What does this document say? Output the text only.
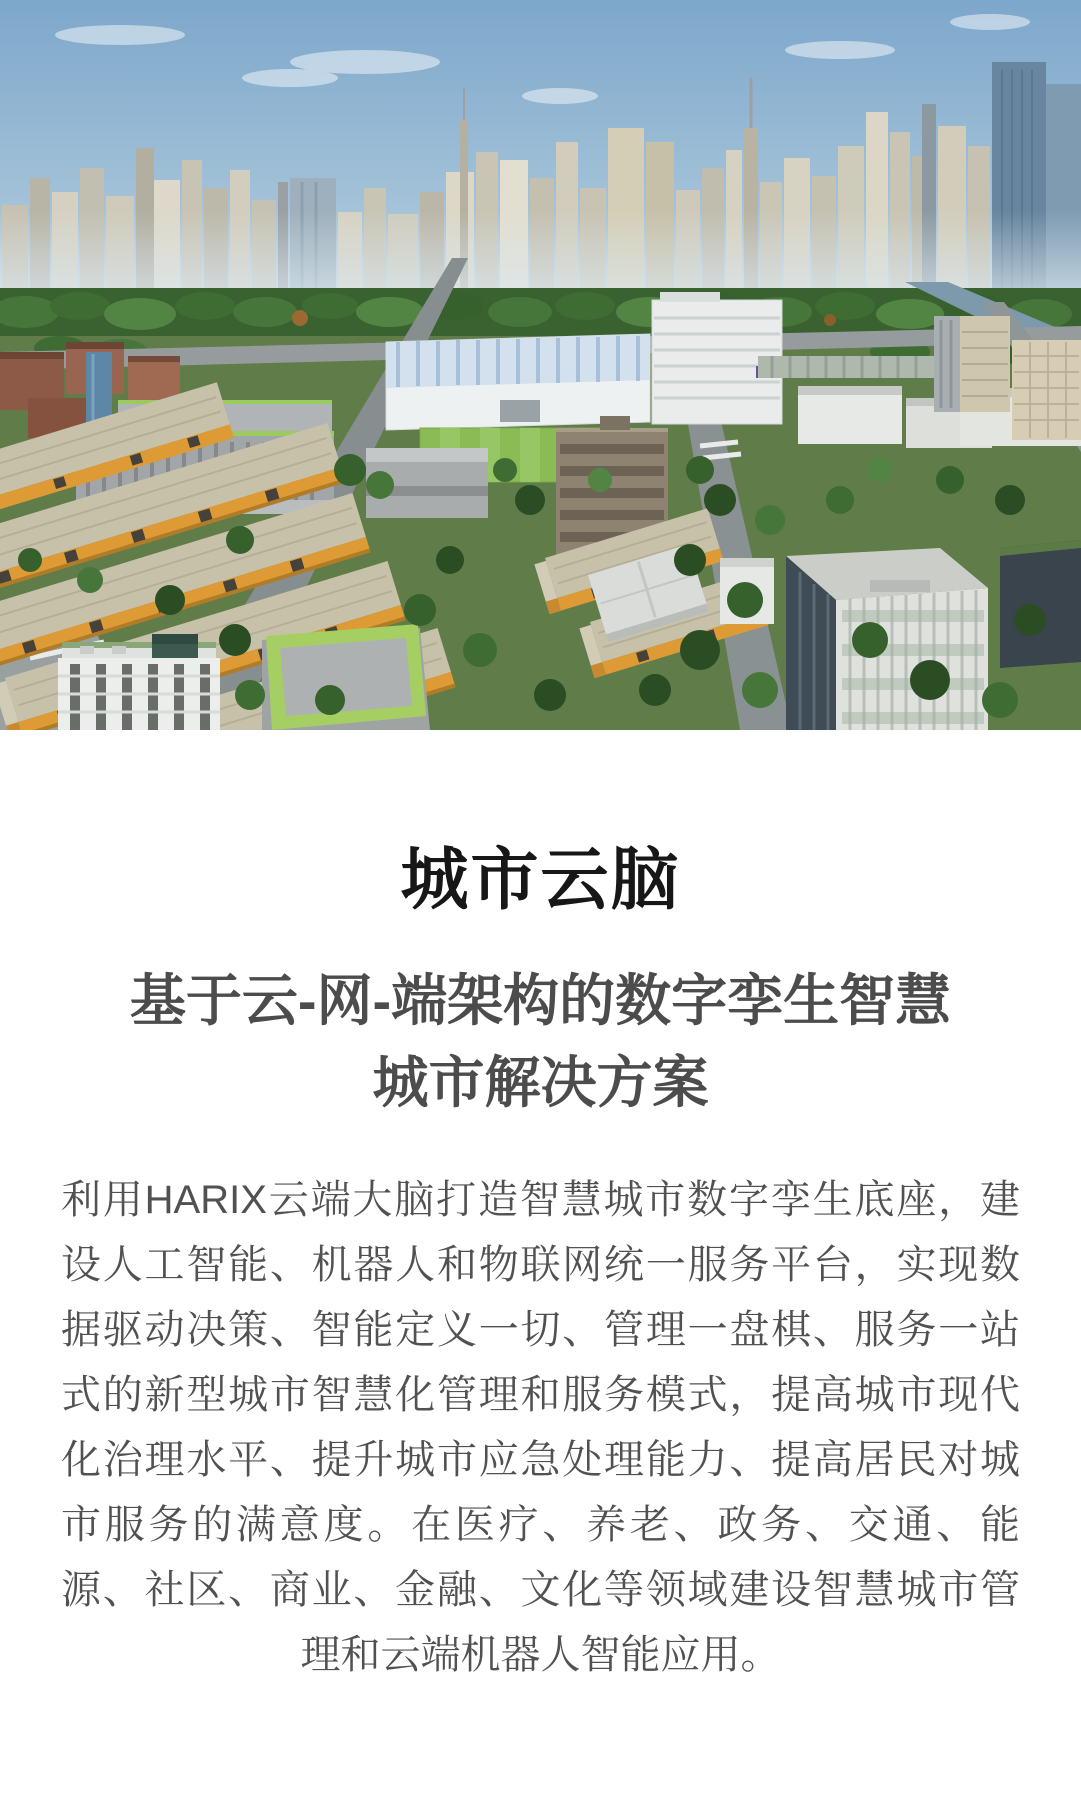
城市云脑
基于云-网-端架构的数字孪生智慧
城市解决方案

利用HARIX云端大脑打造智慧城市数字孪生底座，建设人工智能、机器人和物联网统一服务平台，实现数据驱动决策、智能定义一切、管理一盘棋、服务一站式的新型城市智慧化管理和服务模式，提高城市现代化治理水平、提升城市应急处理能力、提高居民对城市服务的满意度。在医疗、养老、政务、交通、能源、社区、商业、金融、文化等领域建设智慧城市管理和云端机器人智能应用。
